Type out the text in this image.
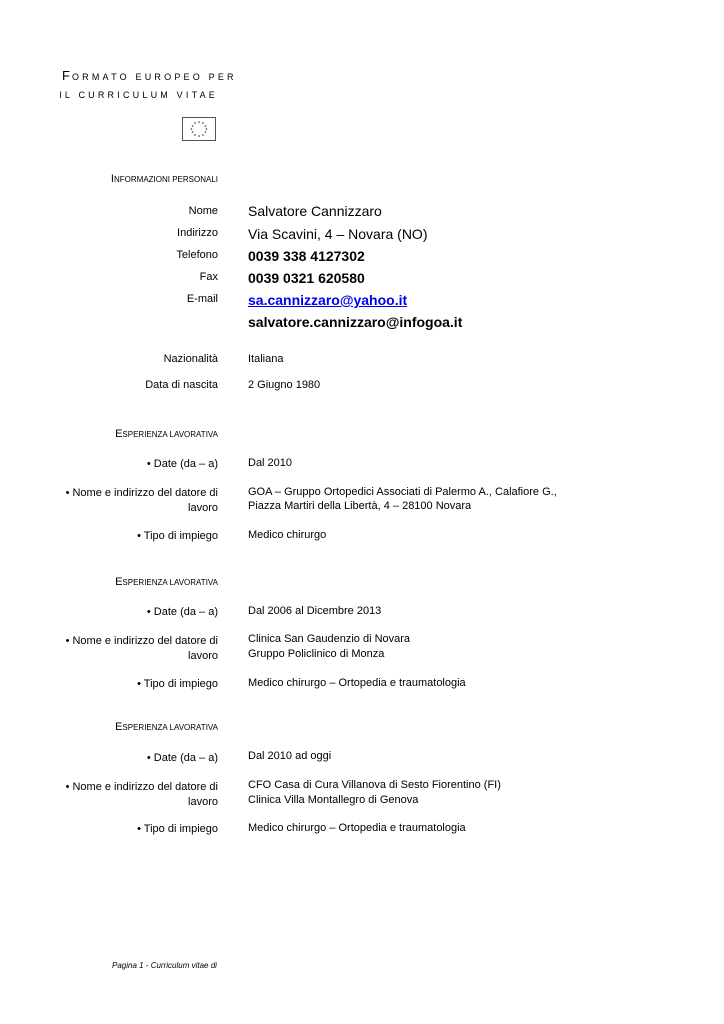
FORMATO EUROPEO PER
IL CURRICULUM VITAE
INFORMAZIONI PERSONALI
Nome Salvatore Cannizzaro
Indirizzo Via Scavini, 4 – Novara (NO)
Telefono 0039 338 4127302
Fax 0039 0321 620580
E-mail sa.cannizzaro@yahoo.it
salvatore.cannizzaro@infogoa.it
Nazionalità	Italiana
Data di nascita	2 Giugno 1980
ESPERIENZA LAVORATIVA
• Date (da – a)	Dal 2010
• Nome e indirizzo del datore di lavoro
GOA – Gruppo Ortopedici Associati di Palermo A., Calafiore G.,
Piazza Martiri della Libertà, 4 – 28100 Novara
• Tipo di impiego	Medico chirurgo
ESPERIENZA LAVORATIVA
• Date (da – a)	Dal 2006 al Dicembre 2013
• Nome e indirizzo del datore di lavoro
Clinica San Gaudenzio di Novara
Gruppo Policlinico di Monza
• Tipo di impiego	Medico chirurgo – Ortopedia e traumatologia
ESPERIENZA LAVORATIVA
• Date (da – a)	Dal 2010 ad oggi
• Nome e indirizzo del datore di lavoro
CFO Casa di Cura Villanova di Sesto Fiorentino (FI)
Clinica Villa Montallegro di Genova
• Tipo di impiego	Medico chirurgo – Ortopedia e traumatologia
Pagina 1 - Curriculum vitae di
